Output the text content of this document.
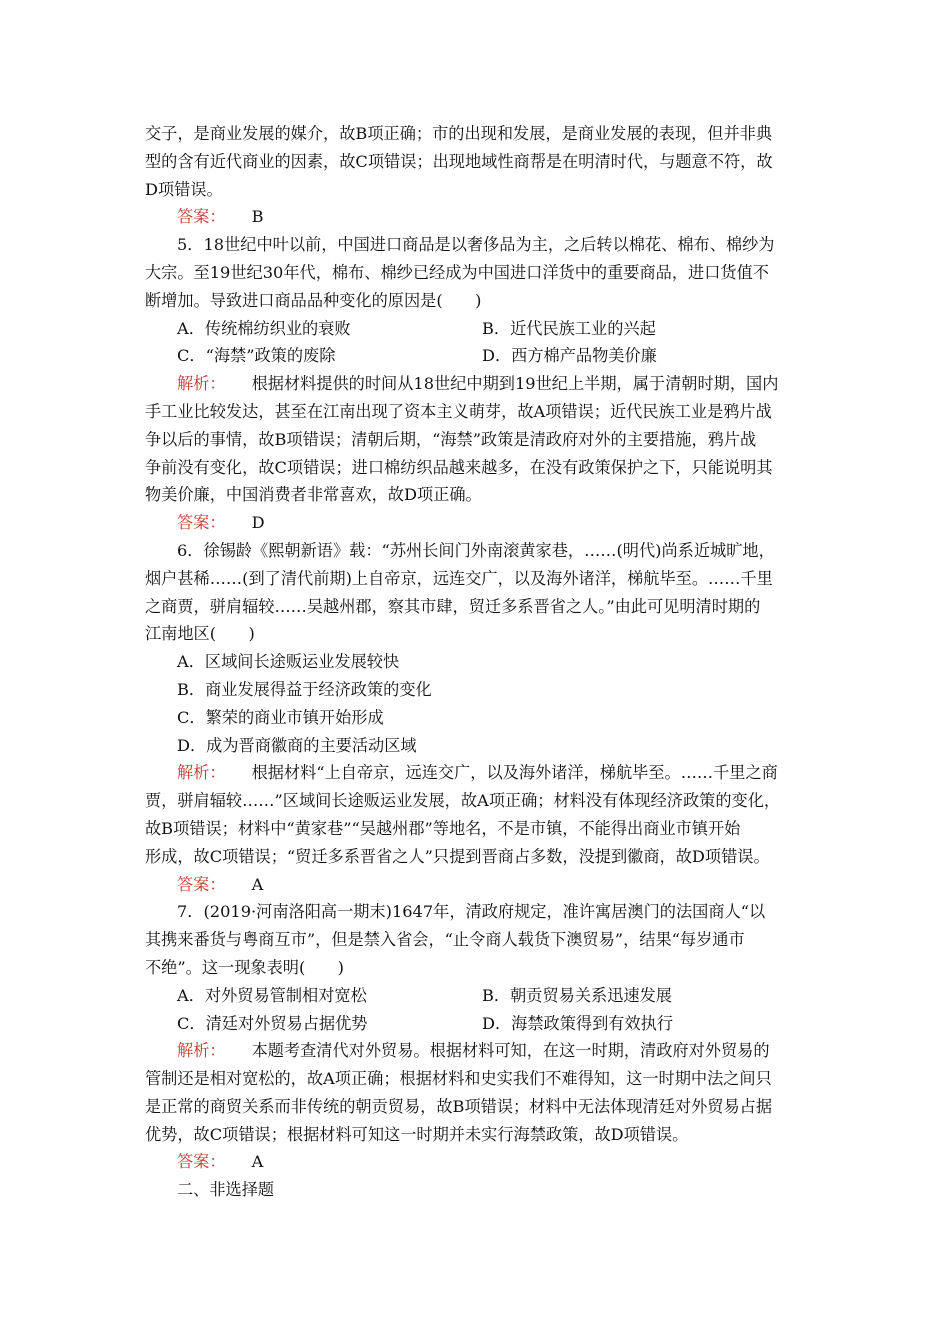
交子，是商业发展的媒介，故B项正确；市的出现和发展，是商业发展的表现，但并非典
型的含有近代商业的因素，故C项错误；出现地域性商帮是在明清时代，与题意不符，故
D项错误。
答案： B
5．18世纪中叶以前，中国进口商品是以奢侈品为主，之后转以棉花、棉布、棉纱为
大宗。至19世纪30年代，棉布、棉纱已经成为中国进口洋货中的重要商品，进口货值不
断增加。导致进口商品品种变化的原因是(　　)
A．传统棉纺织业的衰败	B．近代民族工业的兴起
C．“海禁”政策的废除	D．西方棉产品物美价廉
解析： 根据材料提供的时间从18世纪中期到19世纪上半期，属于清朝时期，国内
手工业比较发达，甚至在江南出现了资本主义萌芽，故A项错误；近代民族工业是鸦片战
争以后的事情，故B项错误；清朝后期，“海禁”政策是清政府对外的主要措施，鸦片战
争前没有变化，故C项错误；进口棉纺织品越来越多，在没有政策保护之下，只能说明其
物美价廉，中国消费者非常喜欢，故D项正确。
答案： D
6．徐锡龄《熙朝新语》载：“苏州长间门外南滚黄家巷，……(明代)尚系近城旷地，
烟户甚稀……(到了清代前期)上自帝京，远连交广，以及海外诸洋，梯航毕至。……千里
之商贾，骈肩辐较……吴越州郡，察其市肆，贸迁多系晋省之人。”由此可见明清时期的
江南地区(　　)
A．区域间长途贩运业发展较快
B．商业发展得益于经济政策的变化
C．繁荣的商业市镇开始形成
D．成为晋商徽商的主要活动区域
解析： 根据材料“上自帝京，远连交广，以及海外诸洋，梯航毕至。……千里之商
贾，骈肩辐较……”区域间长途贩运业发展，故A项正确；材料没有体现经济政策的变化，
故B项错误；材料中“黄家巷”“吴越州郡”等地名，不是市镇，不能得出商业市镇开始
形成，故C项错误；“贸迁多系晋省之人”只提到晋商占多数，没提到徽商，故D项错误。
答案： A
7．(2019·河南洛阳高一期末)1647年，清政府规定，准许寓居澳门的法国商人“以
其携来番货与粤商互市”，但是禁入省会，“止令商人载货下澳贸易”，结果“每岁通市
不绝”。这一现象表明(　　)
A．对外贸易管制相对宽松	B．朝贡贸易关系迅速发展
C．清廷对外贸易占据优势	D．海禁政策得到有效执行
解析： 本题考查清代对外贸易。根据材料可知，在这一时期，清政府对外贸易的
管制还是相对宽松的，故A项正确；根据材料和史实我们不难得知，这一时期中法之间只
是正常的商贸关系而非传统的朝贡贸易，故B项错误；材料中无法体现清廷对外贸易占据
优势，故C项错误；根据材料可知这一时期并未实行海禁政策，故D项错误。
答案： A
二、非选择题
